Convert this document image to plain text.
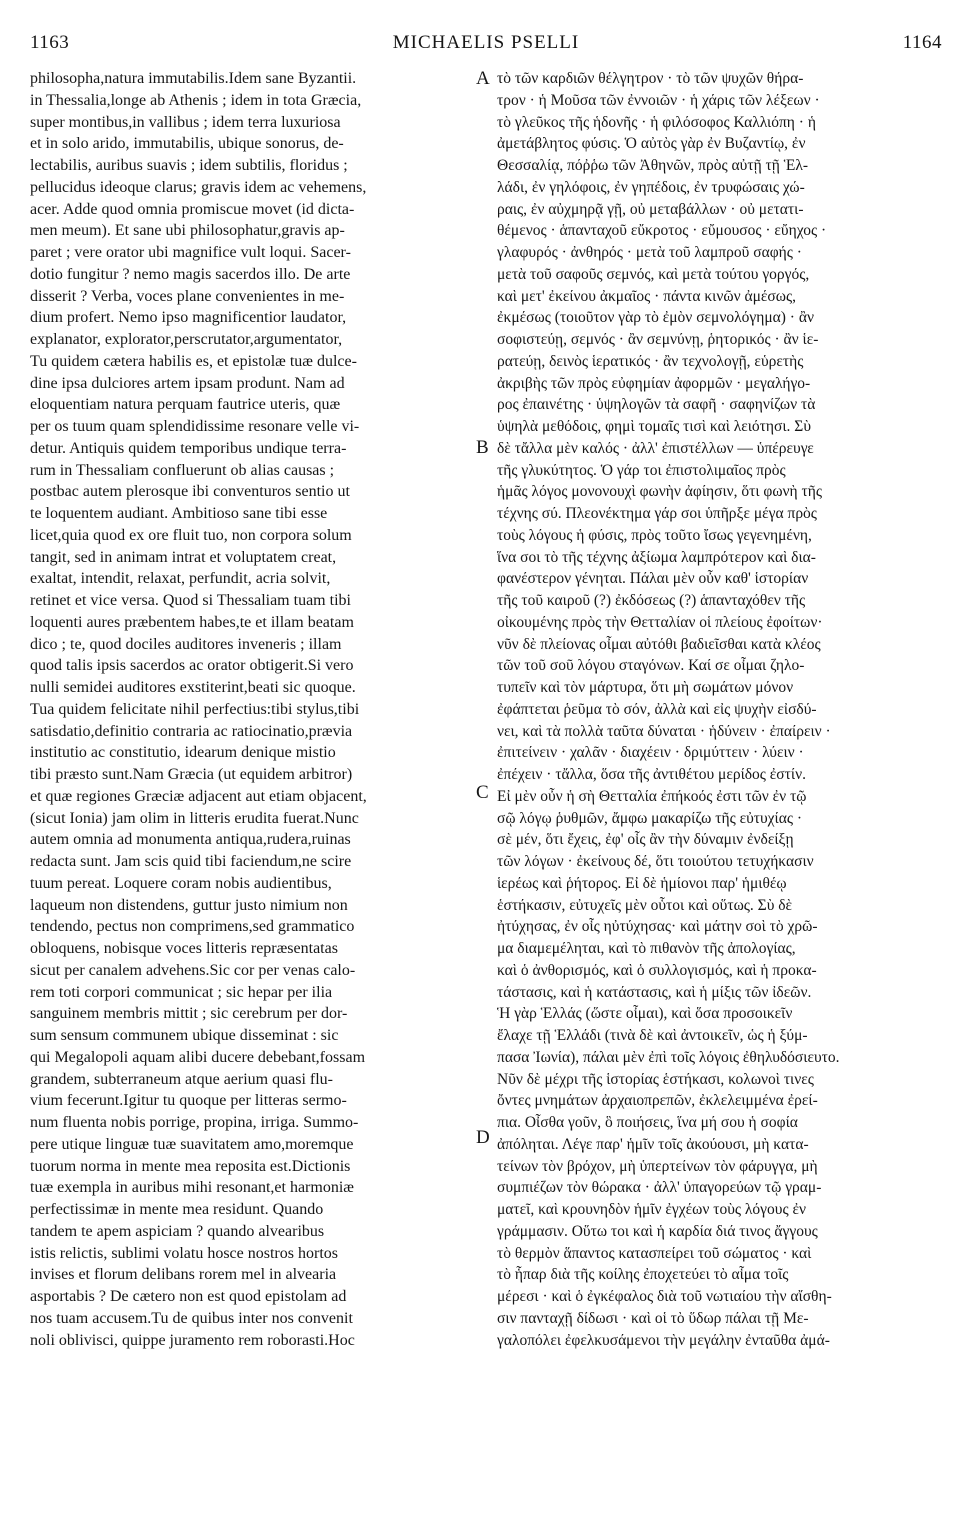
1163	MICHAELIS PSELLI	1164
philosopha,natura immutabilis.Idem sane Byzantii.
in Thessalia,longe ab Athenis ; idem in tota Græcia,
super montibus,in vallibus ; idem terra luxuriosa
et in solo arido, immutabilis, ubique sonorus, de-
lectabilis, auribus suavis ; idem subtilis, floridus ;
pellucidus ideoque clarus; gravis idem ac vehemens,
acer. Adde quod omnia promiscue movet (id dicta-
men meum). Et sane ubi philosophatur,gravis ap-
paret ; vere orator ubi magnifice vult loqui. Sacer-
dotio fungitur ? nemo magis sacerdos illo. De arte
disserit ? Verba, voces plane convenientes in me-
dium profert. Nemo ipso magnificentior laudator,
explanator, explorator,perscrutator,argumentator,
Tu quidem cætera habilis es, et epistolæ tuæ dulce-
dine ipsa dulciores artem ipsam produnt. Nam ad
eloquentiam natura perquam fautrice uteris, quæ
per os tuum quam splendidissime resonare velle vi-
detur. Antiquis quidem temporibus undique terra-
rum in Thessaliam confluerunt ob alias causas ;
postbac autem plerosque ibi conventuros sentio ut
te loquentem audiant. Ambitioso sane tibi esse
licet,quia quod ex ore fluit tuo, non corpora solum
tangit, sed in animam intrat et voluptatem creat,
exaltat, intendit, relaxat, perfundit, acria solvit,
retinet et vice versa. Quod si Thessaliam tuam tibi
loquenti aures præbentem habes,te et illam beatam
dico ; te, quod dociles auditores inveneris ; illam
quod talis ipsis sacerdos ac orator obtigerit.Si vero
nulli semidei auditores exstiterint,beati sic quoque.
Tua quidem felicitate nihil perfectius:tibi stylus,tibi
satisdatio,definitio contraria ac ratiocinatio,prævia
institutio ac constitutio, idearum denique mistio
tibi præsto sunt.Nam Græcia (ut equidem arbitror)
et quæ regiones Græciæ adjacent aut etiam objacent,
(sicut Ionia) jam olim in litteris erudita fuerat.Nunc
autem omnia ad monumenta antiqua,rudera,ruinas
redacta sunt. Jam scis quid tibi faciendum,ne scire
tuum pereat. Loquere coram nobis audientibus,
laqueum non distendens, guttur justo nimium non
tendendo, pectus non comprimens,sed grammatico
obloquens, nobisque voces litteris repræsentatas
sicut per canalem advehens.Sic cor per venas calo-
rem toti corpori communicat ; sic hepar per ilia
sanguinem membris mittit ; sic cerebrum per dor-
sum sensum communem ubique disseminat : sic
qui Megalopoli aquam alibi ducere debebant,fossam
grandem, subterraneum atque aerium quasi flu-
vium fecerunt.Igitur tu quoque per litteras sermo-
num fluenta nobis porrige, propina, irriga. Summo-
pere utique linguæ tuæ suavitatem amo,moremque
tuorum norma in mente mea reposita est.Dictionis
tuæ exempla in auribus mihi resonant,et harmoniæ
perfectissimæ in mente mea residunt. Quando
tandem te apem aspiciam ? quando alvearibus
istis relictis, sublimi volatu hosce nostros hortos
invises et florum delibans rorem mel in alvearia
asportabis ? De cætero non est quod epistolam ad
nos tuam accusem.Tu de quibus inter nos convenit
noli oblivisci, quippe juramento rem roborasti.Hoc
A
B
C
D
τὸ τῶν καρδιῶν θέλγητρον · τὸ τῶν ψυχῶν θήρα-
τρον · ἡ Μοῦσα τῶν ἐννοιῶν · ἡ χάρις τῶν λέξεων ·
τὸ γλεῦκος τῆς ἡδονῆς · ἡ φιλόσοφος Καλλιόπη · ἡ
ἀμετάβλητος φύσις. Ὁ αὐτὸς γὰρ ἐν Βυζαντίῳ, ἐν
Θεσσαλίᾳ, πόῤῥω τῶν Ἀθηνῶν, πρὸς αὐτῇ τῇ Ἑλ-
λάδι, ἐν γηλόφοις, ἐν γηπέδοις, ἐν τρυφώσαις χώ-
ραις, ἐν αὐχμηρᾷ γῇ, οὐ μεταβάλλων · οὐ μετατι-
θέμενος · ἁπανταχοῦ εὔκροτος · εὔμουσος · εὔηχος ·
γλαφυρός · ἀνθηρός · μετὰ τοῦ λαμπροῦ σαφής ·
μετὰ τοῦ σαφοῦς σεμνός, καὶ μετὰ τούτου γοργός,
καὶ μετ' ἐκείνου ἀκμαῖος · πάντα κινῶν ἀμέσως,
ἐκμέσως (τοιοῦτον γὰρ τὸ ἐμὸν σεμνολόγημα) · ἂν
σοφιστεύῃ, σεμνός · ἂν σεμνύνῃ, ῥητορικός · ἂν ἱε-
ρατεύῃ, δεινὸς ἱερατικός · ἂν τεχνολογῇ, εὑρετὴς
ἀκριβὴς τῶν πρὸς εὐφημίαν ἀφορμῶν · μεγαλήγο-
ρος ἐπαινέτης · ὑψηλογῶν τὰ σαφῆ · σαφηνίζων τὰ
ὑψηλὰ μεθόδοις, φημὶ τομαῖς τισὶ καὶ λειότησι. Σὺ
δὲ τἄλλα μὲν καλός · ἀλλ' ἐπιστέλλων — ὑπέρευγε
τῆς γλυκύτητος. Ὁ γάρ τοι ἐπιστολιμαῖος πρὸς
ἡμᾶς λόγος μονονουχὶ φωνὴν ἀφίησιν, ὅτι φωνὴ τῆς
τέχνης σύ. Πλεονέκτημα γάρ σοι ὑπῆρξε μέγα πρὸς
τοὺς λόγους ἡ φύσις, πρὸς τοῦτο ἴσως γεγενημένη,
ἵνα σοι τὸ τῆς τέχνης ἀξίωμα λαμπρότερον καὶ δια-
φανέστερον γένηται. Πάλαι μὲν οὖν καθ' ἱστορίαν
τῆς τοῦ καιροῦ (?) ἐκδόσεως (?) ἁπανταχόθεν τῆς
οἰκουμένης πρὸς τὴν Θετταλίαν οἱ πλείους ἐφοίτων·
νῦν δὲ πλείονας οἶμαι αὐτόθι βαδιεῖσθαι κατὰ κλέος
τῶν τοῦ σοῦ λόγου σταγόνων. Καί σε οἶμαι ζηλο-
τυπεῖν καὶ τὸν μάρτυρα, ὅτι μὴ σωμάτων μόνον
ἐφάπτεται ῥεῦμα τὸ σόν, ἀλλὰ καὶ εἰς ψυχὴν εἰσδύ-
νει, καὶ τὰ πολλὰ ταῦτα δύναται · ἡδύνειν · ἐπαίρειν ·
ἐπιτείνειν · χαλᾶν · διαχέειν · δριμύττειν · λύειν ·
ἐπέχειν · τἄλλα, ὅσα τῆς ἀντιθέτου μερίδος ἐστίν.
Εἰ μὲν οὖν ἡ σὴ Θετταλία ἐπήκοός ἐστι τῶν ἐν τῷ
σῷ λόγῳ ῥυθμῶν, ἄμφω μακαρίζω τῆς εὐτυχίας ·
σὲ μέν, ὅτι ἔχεις, ἐφ' οἷς ἂν τὴν δύναμιν ἐνδείξῃ
τῶν λόγων · ἐκείνους δέ, ὅτι τοιούτου τετυχήκασιν
ἱερέως καὶ ῥήτορος. Εἰ δὲ ἡμίονοι παρ' ἡμιθέῳ
ἑστήκασιν, εὐτυχεῖς μὲν οὗτοι καὶ οὕτως. Σὺ δὲ
ἠτύχησας, ἐν οἷς ηὐτύχησας· καὶ μάτην σοὶ τὸ χρῶ-
μα διαμεμέληται, καὶ τὸ πιθανὸν τῆς ἀπολογίας,
καὶ ὁ ἀνθορισμός, καὶ ὁ συλλογισμός, καὶ ἡ προκα-
τάστασις, καὶ ἡ κατάστασις, καὶ ἡ μίξις τῶν ἰδεῶν.
Ἡ γὰρ Ἑλλάς (ὥστε οἶμαι), καὶ ὅσα προσοικεῖν
ἔλαχε τῇ Ἑλλάδι (τινὰ δὲ καὶ ἀντοικεῖν, ὡς ἡ ξύμ-
πασα Ἰωνία), πάλαι μὲν ἐπὶ τοῖς λόγοις ἐθηλυδόσιευτο.
Νῦν δὲ μέχρι τῆς ἱστορίας ἑστήκασι, κολωνοὶ τινες
ὄντες μνημάτων ἀρχαιοπρεπῶν, ἐκλελειμμένα ἐρεί-
πια. Οἶσθα γοῦν, ὃ ποιήσεις, ἵνα μή σου ἡ σοφία
ἀπόληται. Λέγε παρ' ἡμῖν τοῖς ἀκούουσι, μὴ κατα-
τείνων τὸν βρόχον, μὴ ὑπερτείνων τὸν φάρυγγα, μὴ
συμπιέζων τὸν θώρακα · ἀλλ' ὑπαγορεύων τῷ γραμ-
ματεῖ, καὶ κρουνηδὸν ἡμῖν ἐγχέων τοὺς λόγους ἐν
γράμμασιν. Οὕτω τοι καὶ ἡ καρδία διά τινος ἄγγους
τὸ θερμὸν ἅπαντος κατασπείρει τοῦ σώματος · καὶ
τὸ ἧπαρ διὰ τῆς κοίλης ἐποχετεύει τὸ αἷμα τοῖς
μέρεσι · καὶ ὁ ἐγκέφαλος διὰ τοῦ νωτιαίου τὴν αἴσθη-
σιν πανταχῇ δίδωσι · καὶ οἱ τὸ ὕδωρ πάλαι τῇ Με-
γαλοπόλει ἐφελκυσάμενοι τὴν μεγάλην ἐνταῦθα ἀμά-
